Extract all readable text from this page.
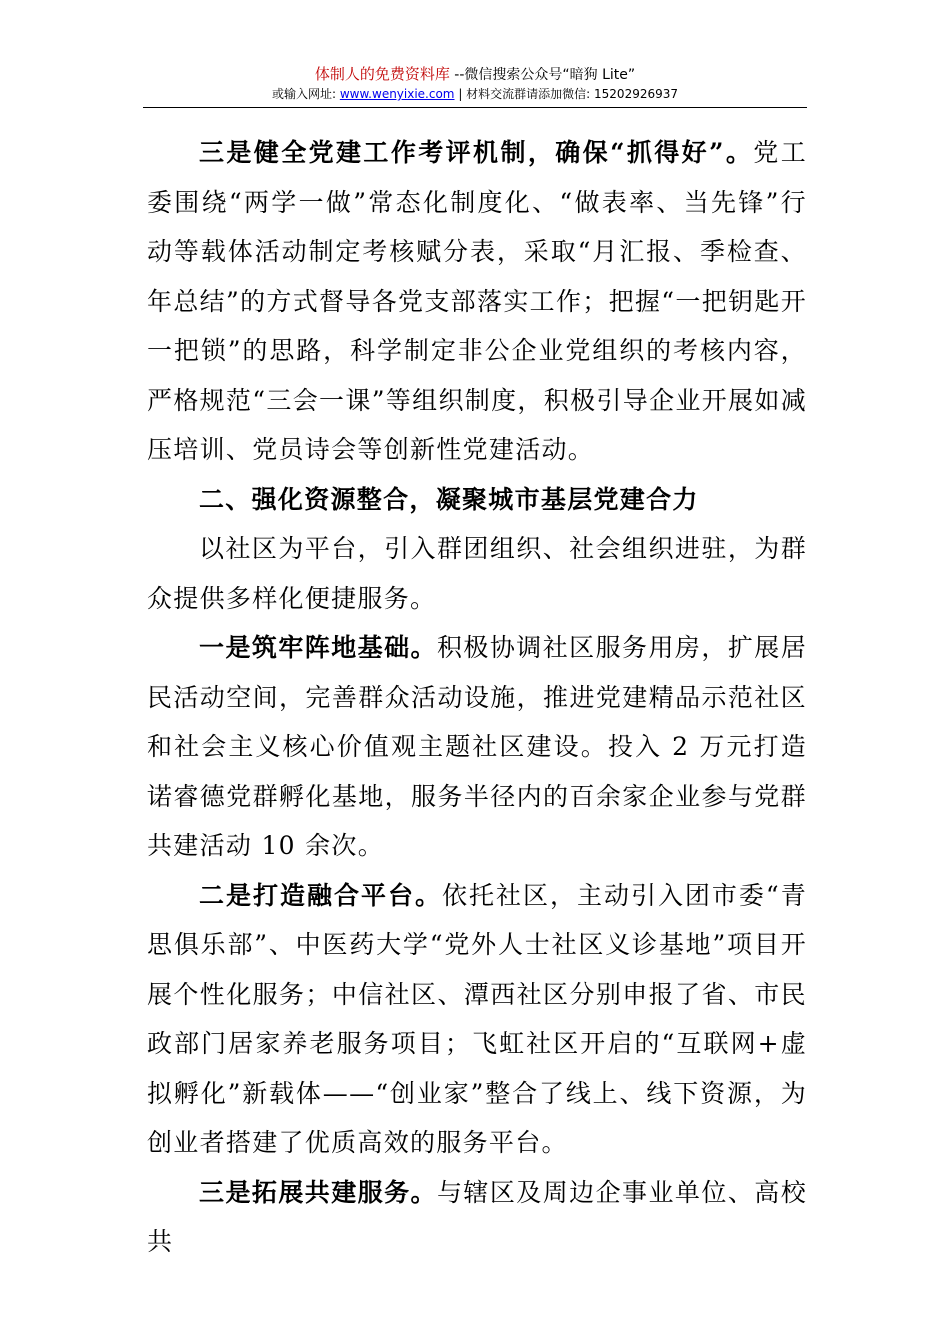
体制人的免费资料库 --微信搜索公众号“暗狗 Lite”
或输入网址: www.wenyixie.com | 材料交流群请添加微信: 15202926937

三是健全党建工作考评机制，确保“抓得好”。党工委围绕“两学一做”常态化制度化、“做表率、当先锋”行动等载体活动制定考核赋分表，采取“月汇报、季检查、年总结”的方式督导各党支部落实工作；把握“一把钥匙开一把锁”的思路，科学制定非公企业党组织的考核内容，严格规范“三会一课”等组织制度，积极引导企业开展如减压培训、党员诗会等创新性党建活动。

二、强化资源整合，凝聚城市基层党建合力

以社区为平台，引入群团组织、社会组织进驻，为群众提供多样化便捷服务。

一是筑牢阵地基础。积极协调社区服务用房，扩展居民活动空间，完善群众活动设施，推进党建精品示范社区和社会主义核心价值观主题社区建设。投入 2 万元打造诺睿德党群孵化基地，服务半径内的百余家企业参与党群共建活动 10 余次。

二是打造融合平台。依托社区，主动引入团市委“青思俱乐部”、中医药大学“党外人士社区义诊基地”项目开展个性化服务；中信社区、潭西社区分别申报了省、市民政部门居家养老服务项目；飞虹社区开启的“互联网+虚拟孵化”新载体——“创业家”整合了线上、线下资源，为创业者搭建了优质高效的服务平台。

三是拓展共建服务。与辖区及周边企事业单位、高校共
